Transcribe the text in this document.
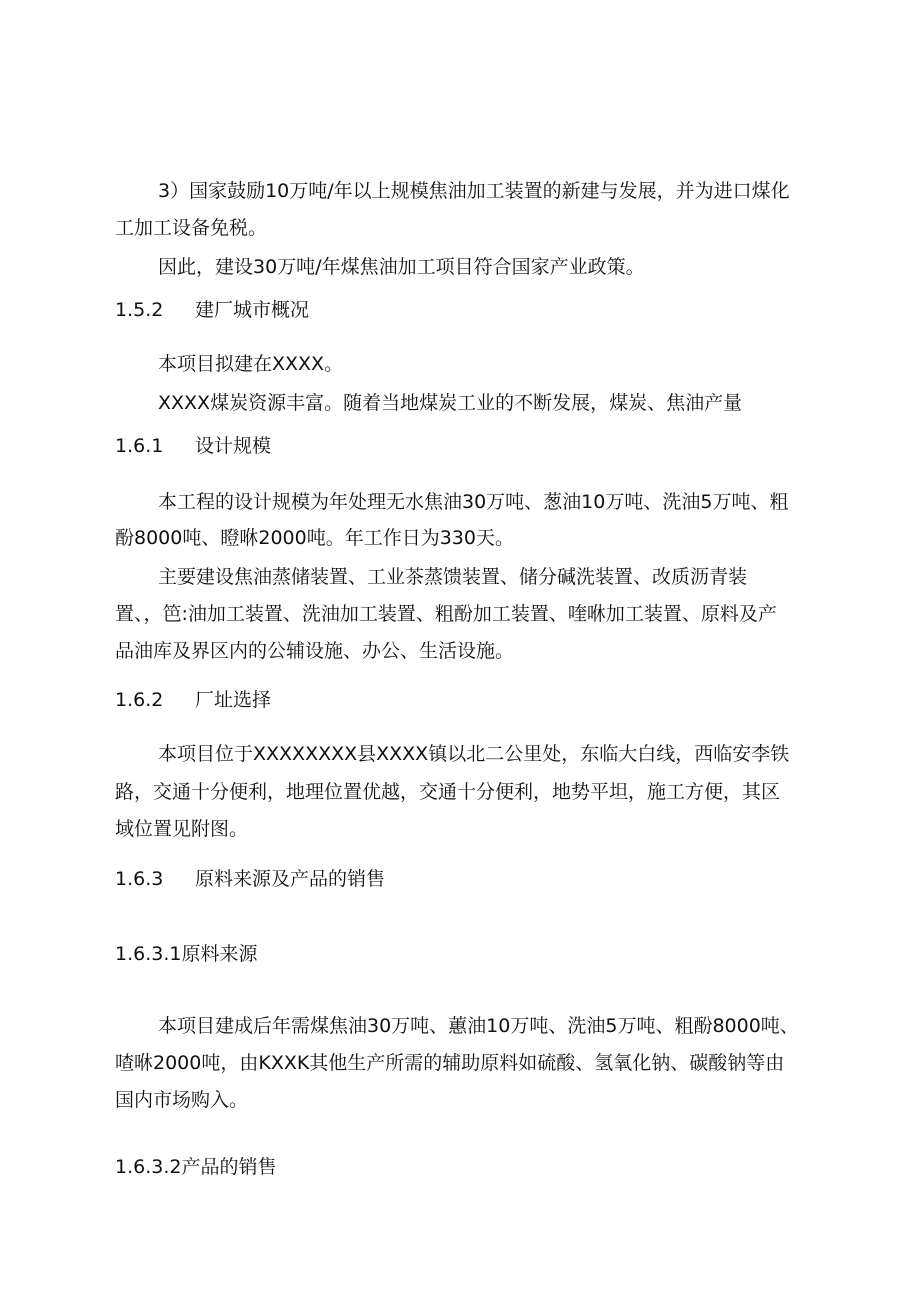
3）国家鼓励10万吨/年以上规模焦油加工装置的新建与发展，并为进口煤化

工加工设备免税。

因此，建设30万吨/年煤焦油加工项目符合国家产业政策。

1.5.2 建厂城市概况

本项目拟建在XXXX。

XXXX煤炭资源丰富。随着当地煤炭工业的不断发展，煤炭、焦油产量

1.6.1 设计规模

本工程的设计规模为年处理无水焦油30万吨、葱油10万吨、洗油5万吨、粗

酚8000吨、瞪咻2000吨。年工作日为330天。

主要建设焦油蒸储装置、工业茶蒸馈装置、储分碱洗装置、改质沥青装

置、，笆:油加工装置、洗油加工装置、粗酚加工装置、喹咻加工装置、原料及产

品油库及界区内的公辅设施、办公、生活设施。

1.6.2 厂址选择

本项目位于XXXXXXXX县XXXX镇以北二公里处，东临大白线，西临安李铁

路，交通十分便利，地理位置优越，交通十分便利，地势平坦，施工方便，其区

域位置见附图。

1.6.3 原料来源及产品的销售

1.6.3.1原料来源

本项目建成后年需煤焦油30万吨、蕙油10万吨、洗油5万吨、粗酚8000吨、

喳咻2000吨，由KXXK其他生产所需的辅助原料如硫酸、氢氧化钠、碳酸钠等由

国内市场购入。

1.6.3.2产品的销售
